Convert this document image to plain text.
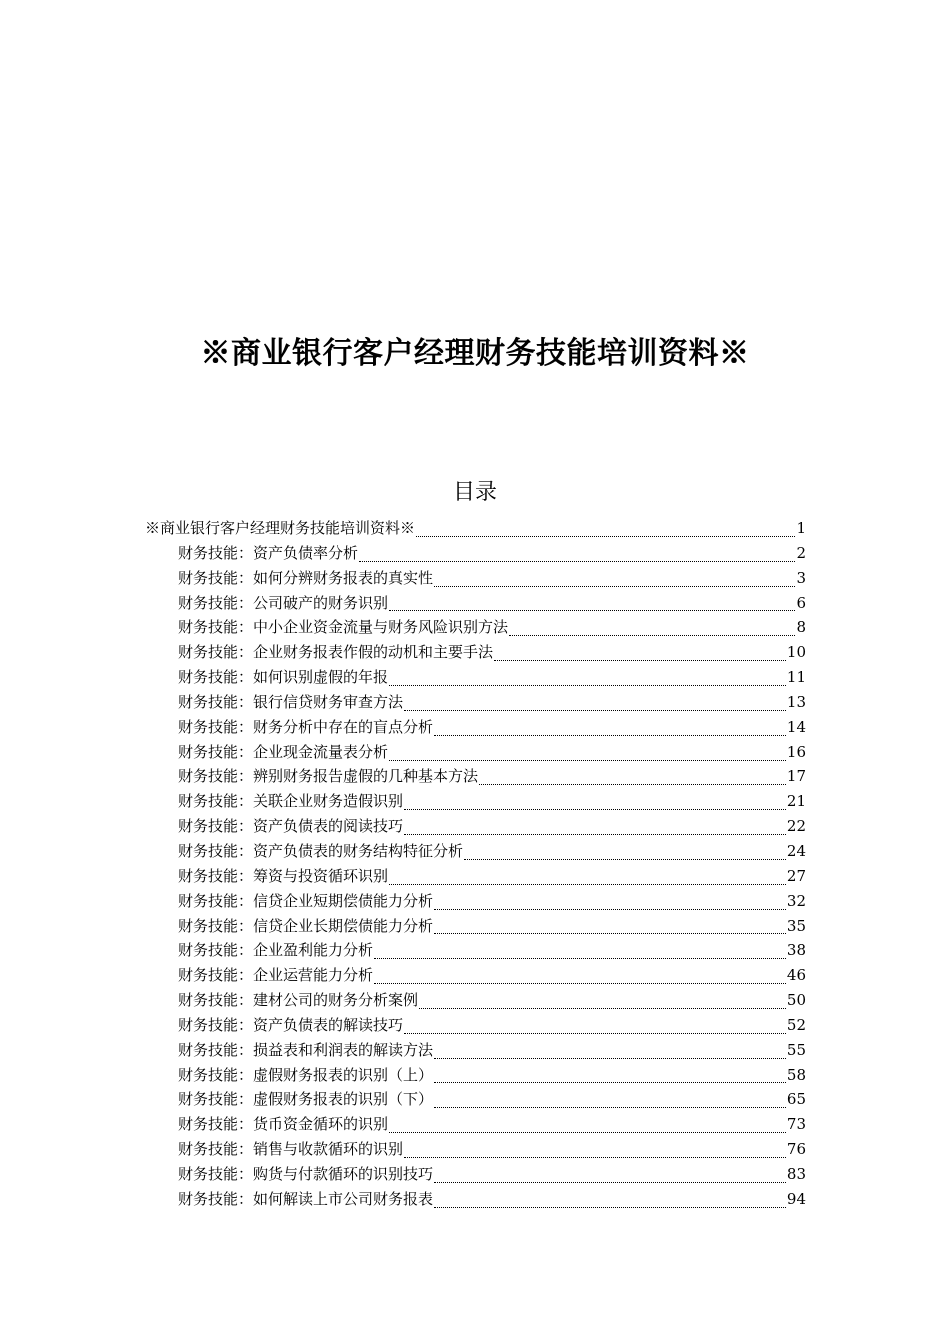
※商业银行客户经理财务技能培训资料※
目录
※商业银行客户经理财务技能培训资料※	1
财务技能：资产负债率分析	2
财务技能：如何分辨财务报表的真实性	3
财务技能：公司破产的财务识别	6
财务技能：中小企业资金流量与财务风险识别方法	8
财务技能：企业财务报表作假的动机和主要手法	10
财务技能：如何识别虚假的年报	11
财务技能：银行信贷财务审查方法	13
财务技能：财务分析中存在的盲点分析	14
财务技能：企业现金流量表分析	16
财务技能：辨别财务报告虚假的几种基本方法	17
财务技能：关联企业财务造假识别	21
财务技能：资产负债表的阅读技巧	22
财务技能：资产负债表的财务结构特征分析	24
财务技能：筹资与投资循环识别	27
财务技能：信贷企业短期偿债能力分析	32
财务技能：信贷企业长期偿债能力分析	35
财务技能：企业盈利能力分析	38
财务技能：企业运营能力分析	46
财务技能：建材公司的财务分析案例	50
财务技能：资产负债表的解读技巧	52
财务技能：损益表和利润表的解读方法	55
财务技能：虚假财务报表的识别（上）	58
财务技能：虚假财务报表的识别（下）	65
财务技能：货币资金循环的识别	73
财务技能：销售与收款循环的识别	76
财务技能：购货与付款循环的识别技巧	83
财务技能：如何解读上市公司财务报表	94
